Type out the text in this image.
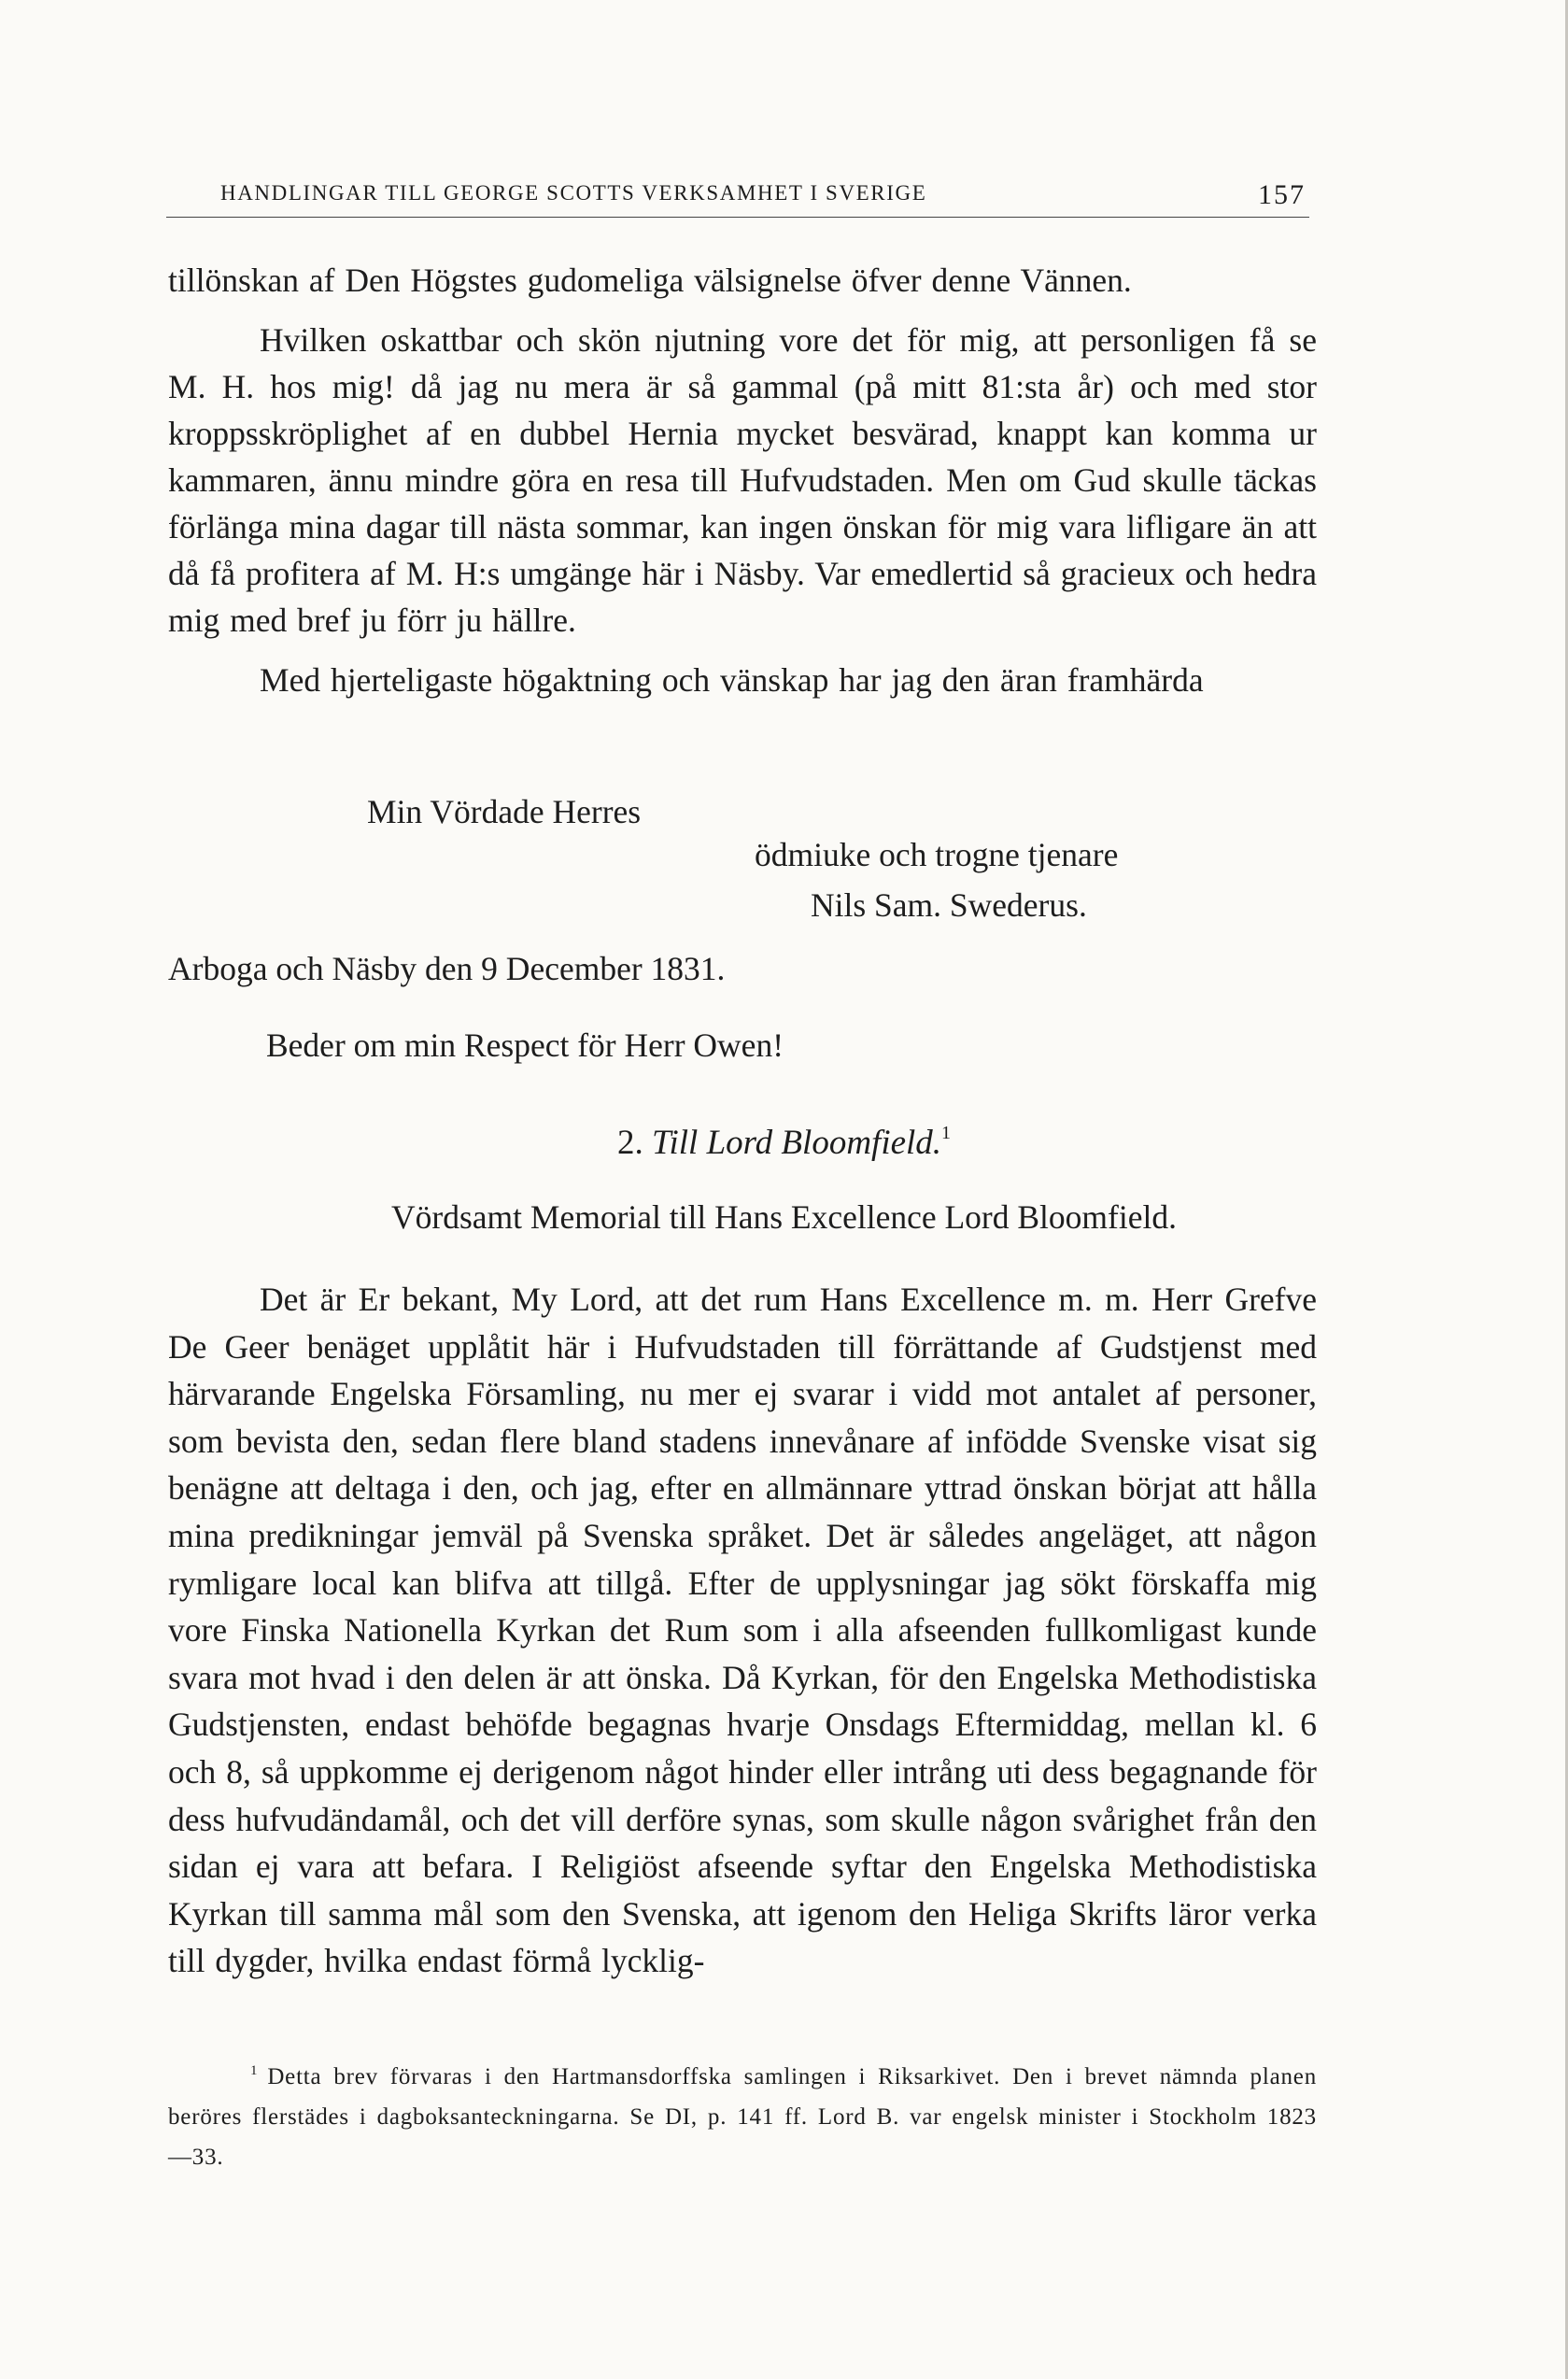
HANDLINGAR TILL GEORGE SCOTTS VERKSAMHET I SVERIGE	157

tillönskan af Den Högstes gudomeliga välsignelse öfver denne Vännen.

Hvilken oskattbar och skön njutning vore det för mig, att personligen få se M. H. hos mig! då jag nu mera är så gammal (på mitt 81:sta år) och med stor kroppsskröplighet af en dubbel Hernia mycket besvärad, knappt kan komma ur kammaren, ännu mindre göra en resa till Hufvudstaden. Men om Gud skulle täckas förlänga mina dagar till nästa sommar, kan ingen önskan för mig vara lifligare än att då få profitera af M. H:s umgänge här i Näsby. Var emedlertid så gracieux och hedra mig med bref ju förr ju hällre.

Med hjerteligaste högaktning och vänskap har jag den äran framhärda

Min Vördade Herres
ödmiuke och trogne tjenare
Nils Sam. Swederus.
Arboga och Näsby den 9 December 1831.
Beder om min Respect för Herr Owen!
2. Till Lord Bloomfield.$^1$
Vördsamt Memorial till Hans Excellence Lord Bloomfield.

Det är Er bekant, My Lord, att det rum Hans Excellence m. m. Herr Grefve De Geer benäget upplåtit här i Hufvudstaden till förrättande af Gudstjenst med härvarande Engelska Församling, nu mer ej svarar i vidd mot antalet af personer, som bevista den, sedan flere bland stadens innevånare af infödde Svenske visat sig benägne att deltaga i den, och jag, efter en allmännare yttrad önskan börjat att hålla mina predikningar jemväl på Svenska språket. Det är således angeläget, att någon rymligare local kan blifva att tillgå. Efter de upplysningar jag sökt förskaffa mig vore Finska Nationella Kyrkan det Rum som i alla afseenden fullkomligast kunde svara mot hvad i den delen är att önska. Då Kyrkan, för den Engelska Methodistiska Gudstjensten, endast behöfde begagnas hvarje Onsdags Eftermiddag, mellan kl. 6 och 8, så uppkomme ej derigenom något hinder eller intrång uti dess begagnande för dess hufvudändamål, och det vill derföre synas, som skulle någon svårighet från den sidan ej vara att befara. I Religiöst afseende syftar den Engelska Methodistiska Kyrkan till samma mål som den Svenska, att igenom den Heliga Skrifts läror verka till dygder, hvilka endast förmå lycklig-

$^1$ Detta brev förvaras i den Hartmansdorffska samlingen i Riksarkivet. Den i brevet nämnda planen beröres flerstädes i dagboksanteckningarna. Se DI, p. 141 ff. Lord B. var engelsk minister i Stockholm 1823—33.
